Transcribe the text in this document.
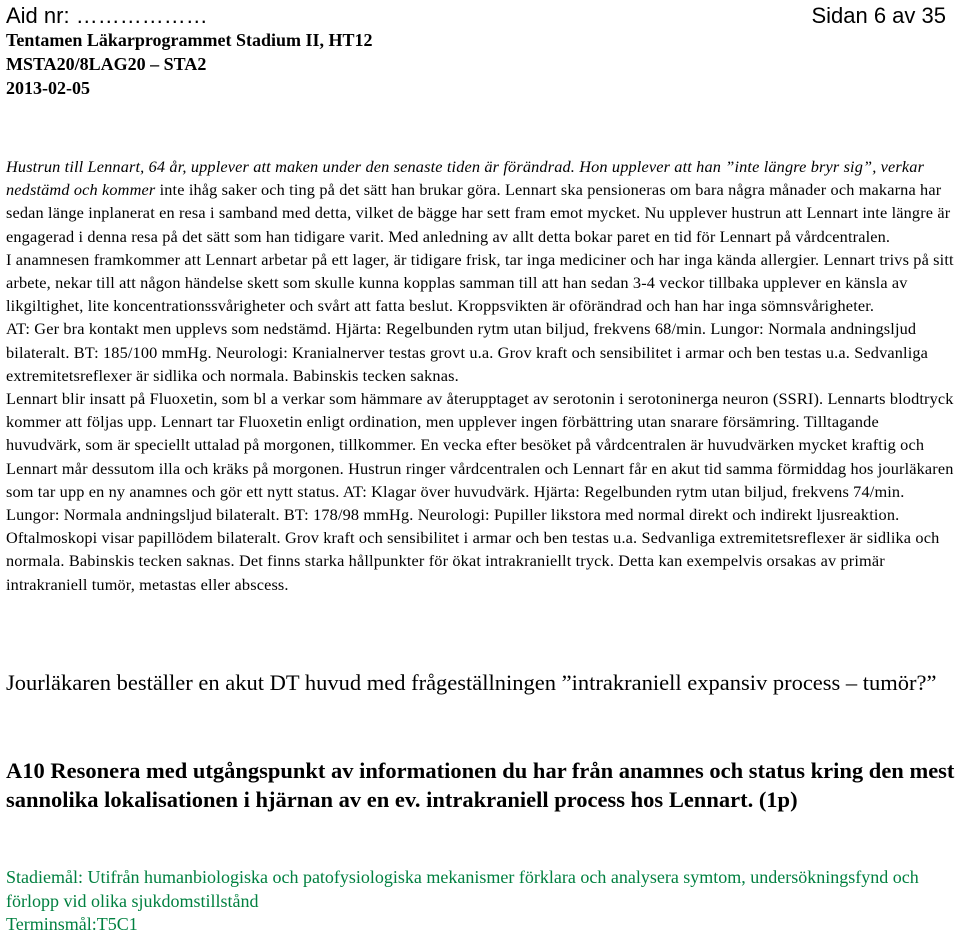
Aid nr: ………………	Sidan 6 av 35
Tentamen Läkarprogrammet Stadium II, HT12
MSTA20/8LAG20 – STA2
2013-02-05

Hustrun till Lennart, 64 år, upplever att maken under den senaste tiden är förändrad. Hon upplever att han ”inte längre bryr sig”, verkar nedstämd och kommer inte ihåg saker och ting på det sätt han brukar göra. Lennart ska pensioneras om bara några månader och makarna har sedan länge inplanerat en resa i samband med detta, vilket de bägge har sett fram emot mycket. Nu upplever hustrun att Lennart inte längre är engagerad i denna resa på det sätt som han tidigare varit. Med anledning av allt detta bokar paret en tid för Lennart på vårdcentralen.

I anamnesen framkommer att Lennart arbetar på ett lager, är tidigare frisk, tar inga mediciner och har inga kända allergier. Lennart trivs på sitt arbete, nekar till att någon händelse skett som skulle kunna kopplas samman till att han sedan 3-4 veckor tillbaka upplever en känsla av likgiltighet, lite koncentrationssvårigheter och svårt att fatta beslut. Kroppsvikten är oförändrad och han har inga sömnsvårigheter.

AT: Ger bra kontakt men upplevs som nedstämd. Hjärta: Regelbunden rytm utan biljud, frekvens 68/min. Lungor: Normala andningsljud bilateralt. BT: 185/100 mmHg. Neurologi: Kranialnerver testas grovt u.a. Grov kraft och sensibilitet i armar och ben testas u.a. Sedvanliga extremitetsreflexer är sidlika och normala. Babinskis tecken saknas.

Lennart blir insatt på Fluoxetin, som bl a verkar som hämmare av återupptaget av serotonin i serotoninerga neuron (SSRI). Lennarts blodtryck kommer att följas upp. Lennart tar Fluoxetin enligt ordination, men upplever ingen förbättring utan snarare försämring. Tilltagande huvudvärk, som är speciellt uttalad på morgonen, tillkommer. En vecka efter besöket på vårdcentralen är huvudvärken mycket kraftig och Lennart mår dessutom illa och kräks på morgonen. Hustrun ringer vårdcentralen och Lennart får en akut tid samma förmiddag hos jourläkaren som tar upp en ny anamnes och gör ett nytt status. AT: Klagar över huvudvärk. Hjärta: Regelbunden rytm utan biljud, frekvens 74/min. Lungor: Normala andningsljud bilateralt. BT: 178/98 mmHg. Neurologi: Pupiller likstora med normal direkt och indirekt ljusreaktion. Oftalmoskopi visar papillödem bilateralt. Grov kraft och sensibilitet i armar och ben testas u.a. Sedvanliga extremitetsreflexer är sidlika och normala. Babinskis tecken saknas. Det finns starka hållpunkter för ökat intrakraniellt tryck. Detta kan exempelvis orsakas av primär intrakraniell tumör, metastas eller abscess.

Jourläkaren beställer en akut DT huvud med frågeställningen ”intrakraniell expansiv process – tumör?”
A10 Resonera med utgångspunkt av informationen du har från anamnes och status kring den mest sannolika lokalisationen i hjärnan av en ev. intrakraniell process hos Lennart. (1p)

Stadiemål: Utifrån humanbiologiska och patofysiologiska mekanismer förklara och analysera symtom, undersökningsfynd och förlopp vid olika sjukdomstillstånd

Terminsmål:T5C1
